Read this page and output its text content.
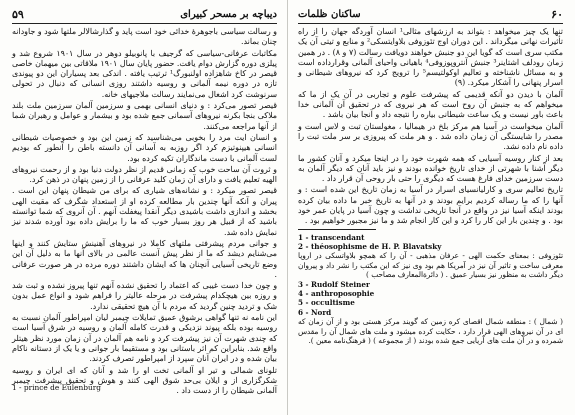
دیباچه بر مسحر کبیرای
۵۹

و رسالت سیاسی باجوهرهٔ خدائی خود است پاید و گذارشالالر ملتها شود و جاودانه چنان بماند.

مکاتبات عرفانی-سیاسی که گرجیف با پانوبیلو دوهر در سال ۱۹۰۱ شروع شد و پیلزی دوره گزارش دوام یافت. حضور پایان سال ۱۹۰۱ ملاقاتی بین میهمان خاصی قیصر در کاخ شاهزاده اولنبورگ¹ ترتیب یافته . اندکی بعد پسیاران این دو پیوندی تازه در دوره نیمه آلمانی و روسیه داشتند روزی انسانی که دنبال در تحولی سرنوشت کرد اشغال می‌نمایند رسالت ملاجیهای خانه.

قیصر تصور می‌کرد : و دنیای انسانی بهمی و سرزمین آلمان سرزمین ملت بلند ملاکی بنجا بکرنه نیروهای آسمانی جمع شده بود و بیشمار و عوامل و رهبران شما از آنها مراجعه می‌کنند.

و انسان ایت مرد را بخوبی می‌شناسید که زمین این بود و خصوصیات شیطانی انسانی هیپنوتیزم کرد اگر روزبه به آسانی آن دانسته باطن را آنطور که بودیم لست آلمانی با دست ماندگاران تکیه کرده بود.

و ثروت آن ساحت خوب که زمانی قدیم از نظر دولت دنیا بود و از رحمت نیروهای الهیه تعلیم یافت و دارای آن زمان کلید عرفانی را از زمین پنهان در ذهن کرد.

قیصر تصور میکرد : و نشانه‌های شیاری که برای من شیطان پنهان این است . پیران و آنکه آنها چندین بار مطالعه کرده او از استعداد شگرف که مقیت الهی بخشد و اندازی داشت باشیدی دیگر آنقدا پیغفلت آنهم . آن آنروی که شما توانسته باشید که از قبیل هر روز بسیار خوب که ما را برایش داده بود آورده شدند نیز نمایش داده شد.

و جوانی مردم پیشرفتی ملتهای کاملا در نیروهای آهنینش ستایش کنند و اینها می‌شنایم دیشد که ما از نظر پیش آنست عالمی در بالای آنها ما به دلیل آن این وضع تاریخی آسیایی آنچنان ها که ایشان داشتند دوره مرده در هر صورت عرفانی .

و چون خدا دست غیبی که اعتماد را تحقیق نشده آنهم تنها پیروز نشده و ثبت شد و روزه بین هیچکدام پیشرفت در مرحله عالیتر را فراهم شود و انواع عمل بدون شک و تردید چنین گردید که مردم با آن هیچ تحقیقی ندارد.

این نامه نه تنها گواهی برشوق عمیق تمایلات چیمبر لیان امپراطور آلمان نسبت به روسیه بوده بلکه پیوند نزدیکی و قدرت کامله آلمان و روسیه در شرق آسیا است که چندی شهرت آن نیز پیشرفت کرد و نامه هم آلمان در آن زمان مورد نظر هیتلر واقع شد. بنابراین کم اثر باستانی بود و مستقیما بار جوانی و یا یک از دستانه ناکام بیان شده و در ایران آنان سپرد از امپراطور تصرف کردند.

تلونای شمالی و تیر او آلمانی تخت او را شد و آنان که ای ایران و روسیه شکرگزاری از و ایلان بی‌حد شوق الهی کنند و هوش و تحقیق پیشرفت چیمبر آلمانی شیطان را از دست داد .

1 - prince de Eulenburg
۶۰
ساکنان ظلمات

تنها یک چیز میخواهد : بتواند به ارزشهای مثالی¹ انسان آوردگه جهان را از راه تأثیرات نهانی میگرداند . این دوران اوج تئوزوفی بلاوایتسکی² و منابع و تیتی آن یک مکتب سری است که گویا این دو جنبش خواهند دویافت رسالت (۷ و ۸) . در همین زمان رودلف اشتاینر³ جنبش آنتروپوزوفی⁴ باهیانی واحیای آلمانی وقرارداده است و به مسائل ناشناخته و تعالیم اوکولتیسم⁵ را ترویج کرد که نیروهای شیطانی و اسرار پنهانی را آشکار میکرد. (۹)

آلمان با دیدن دو آنکه قدیمی که پیشرفت علوم و تجاربی در آن یک از ما که میخواهم که به جنبش آن روح است که هر نیروی که در تحقیق آن آلمانی خدا باعث باور نیست و یک ساعت شیطانی بیاره را نتیجه داد و آنجا بیان باشد .

آلمان میخواست در آسیا هم مرکز بلخ در هیمالیا ، مغولستان تبت و لاس است و مصدر را شایستگی آن زمان داده شد . و هر ملت که پیروزی بر سر ملت تبت را داده نام داده نشد.

بعد از کنار روسیه آسیایی که همه شهرت خود را در اینجا میکرد و آنان کشور ما دیگر آشنا با شهرتی از خدای تاریخ خوانده بودند و نیز باید آنان که دیگر آلمان به دست سرزمین خدای فارغ هست که دیگری را حتی بار روحی آن قرار داد .

تاریخ تعالیم سری و کارلیانسیای اسرار در آسیا به زمان تاریخ این شده است : و آنها را که ما رساله کردیم برایم بودند و در آنها به تاریخ خبر ما داده بیان کرده بودند اینکه آسیا نیز در واقع در آنجا تاریخی نداشت و چون آسیا در پایان عمر خود بود . و چندین بار این کار را کرد و این کار انجام شد و ما نیز مجبور خواهیم بود .

1 - transcendant
2 - théosophisme de H. P. Blavatsky
تئوزوفی : بمعنای حکمت الهی - عرفان مذهبی - آن را که همچو بلاواتسکی در اروپا معرفی ساخت و تاثیر آن نیز در آمریکا هم بود وی نیز که این مکتب را نشر داد و پیروان دیگر داشت به منظور نیز بسیار عمیق . ( دائرة‌المعارف مصاحب )
3 - Rudolf Steiner
4 - anthroposophie
5 - occultisme
6 - Nord
( شمال ) : منطقه شمال اقصای کره زمین که گویند مرکز هستی بود و از آن زمان که ای در آن نیروهای الهی قرار دارد ، حکایت کرده میشود و ملت های شمال آن را مقدس شمرده و در آن ملت های آریایی جمع شده بودند ( از مجموعه ) ( فرهنگ‌نامه معین ).
